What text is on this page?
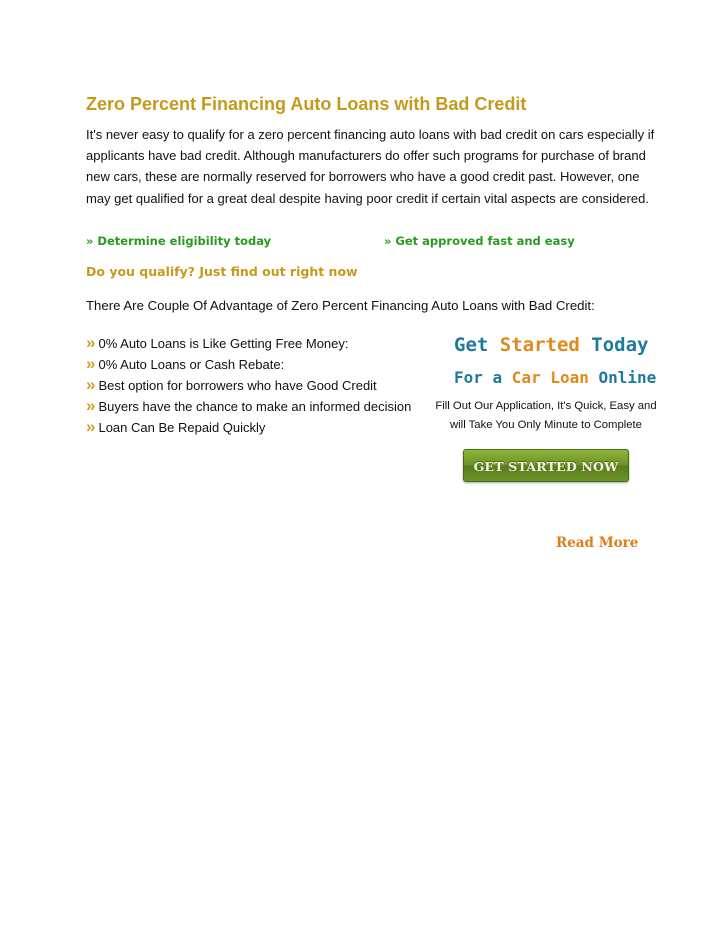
Zero Percent Financing Auto Loans with Bad Credit

It's never easy to qualify for a zero percent financing auto loans with bad credit on cars especially if applicants have bad credit. Although manufacturers do offer such programs for purchase of brand new cars, these are normally reserved for borrowers who have a good credit past. However, one may get qualified for a great deal despite having poor credit if certain vital aspects are considered.

» Determine eligibility today	» Get approved fast and easy
Do you qualify? Just find out right now

There Are Couple Of Advantage of Zero Percent Financing Auto Loans with Bad Credit:

» 0% Auto Loans is Like Getting Free Money:
» 0% Auto Loans or Cash Rebate:
» Best option for borrowers who have Good Credit
» Buyers have the chance to make an informed decision
» Loan Can Be Repaid Quickly
Get Started Today
For a Car Loan Online

Fill Out Our Application, It's Quick, Easy and will Take You Only Minute to Complete

GET STARTED NOW
Read More
